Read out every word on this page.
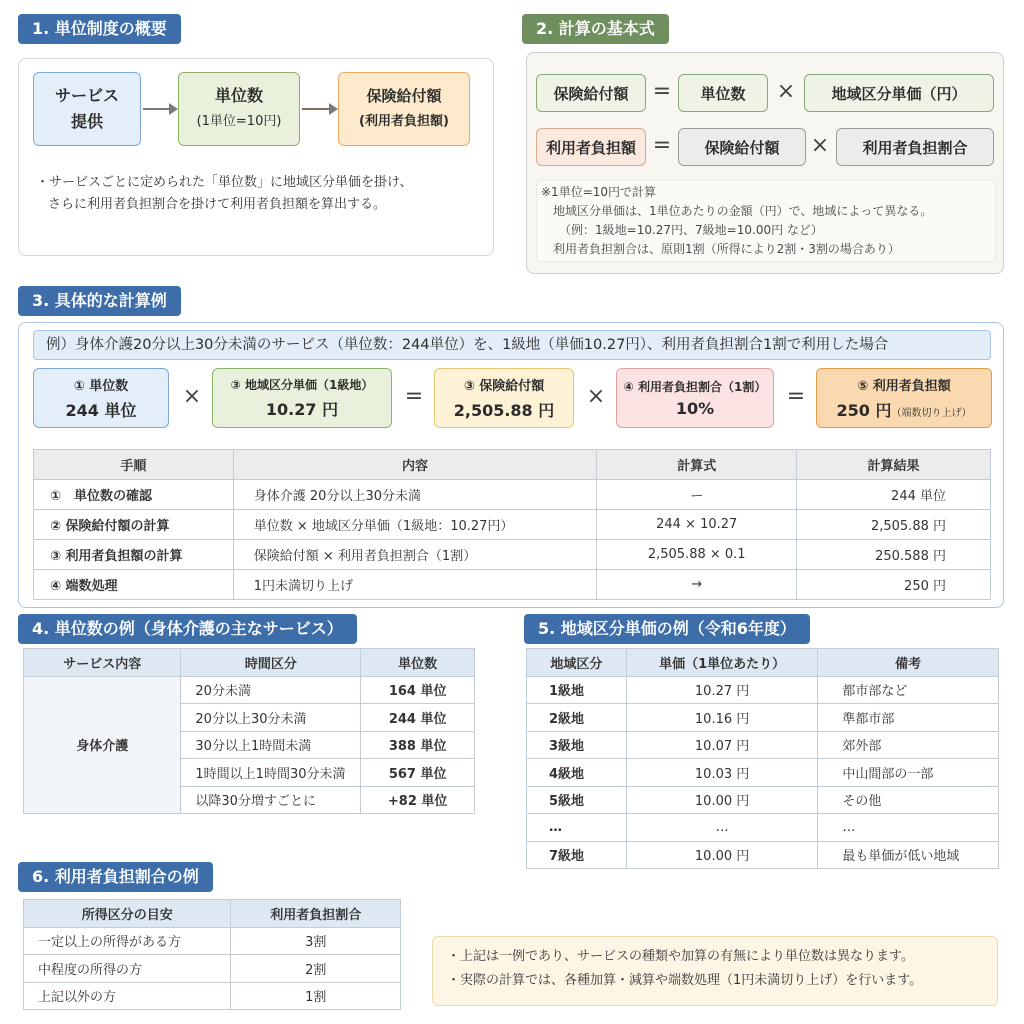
1. 単位制度の概要
サービス
提供
単位数
(1単位=10円)
保険給付額
(利用者負担額)
・サービスごとに定められた「単位数」に地域区分単価を掛け、
さらに利用者負担割合を掛けて利用者負担額を算出する。
2. 計算の基本式
保険給付額	=	単位数	×	地域区分単価（円）
利用者負担額 =	保険給付額	×	利用者負担割合
※1単位=10円で計算
地域区分単価は、1単位あたりの金額（円）で、地域によって異なる。
（例：1級地=10.27円、7級地=10.00円 など）
利用者負担割合は、原則1割（所得により2割・3割の場合あり）
3. 具体的な計算例
例）身体介護20分以上30分未満のサービス（単位数：244単位）を、1級地（単価10.27円）、利用者負担割合1割で利用した場合
① 単位数
244 単位
× ③ 地域区分単価（1級地）
10.27 円
=	③ 保険給付額
2,505.88 円
× ④ 利用者負担割合（1割）
10%	=	⑤ 利用者負担額
250 円（端数切り上げ）
手順	内容	計算式	計算結果
①　単位数の確認	身体介護 20分以上30分未満	ー	244 単位
② 保険給付額の計算	単位数 × 地域区分単価（1級地：10.27円）	244 × 10.27	2,505.88 円
③ 利用者負担額の計算	保険給付額 × 利用者負担割合（1割）	2,505.88 × 0.1	250.588 円
④ 端数処理	1円未満切り上げ	→	250 円
4. 単位数の例（身体介護の主なサービス）
サービス内容	時間区分	単位数
身体介護	20分未満	164 単位
	20分以上30分未満	244 単位
	30分以上1時間未満	388 単位
	1時間以上1時間30分未満	567 単位
	以降30分増すごとに	+82 単位
5. 地域区分単価の例（令和6年度）
地域区分	単価（1単位あたり）	備考
1級地	10.27 円	都市部など
2級地	10.16 円	準都市部
3級地	10.07 円	郊外部
4級地	10.03 円	中山間部の一部
5級地	10.00 円	その他
…	…	…
7級地	10.00 円	最も単価が低い地域
6. 利用者負担割合の例
所得区分の目安	利用者負担割合
一定以上の所得がある方	3割
中程度の所得の方	2割
上記以外の方	1割
・上記は一例であり、サービスの種類や加算の有無により単位数は異なります。
・実際の計算では、各種加算・減算や端数処理（1円未満切り上げ）を行います。
